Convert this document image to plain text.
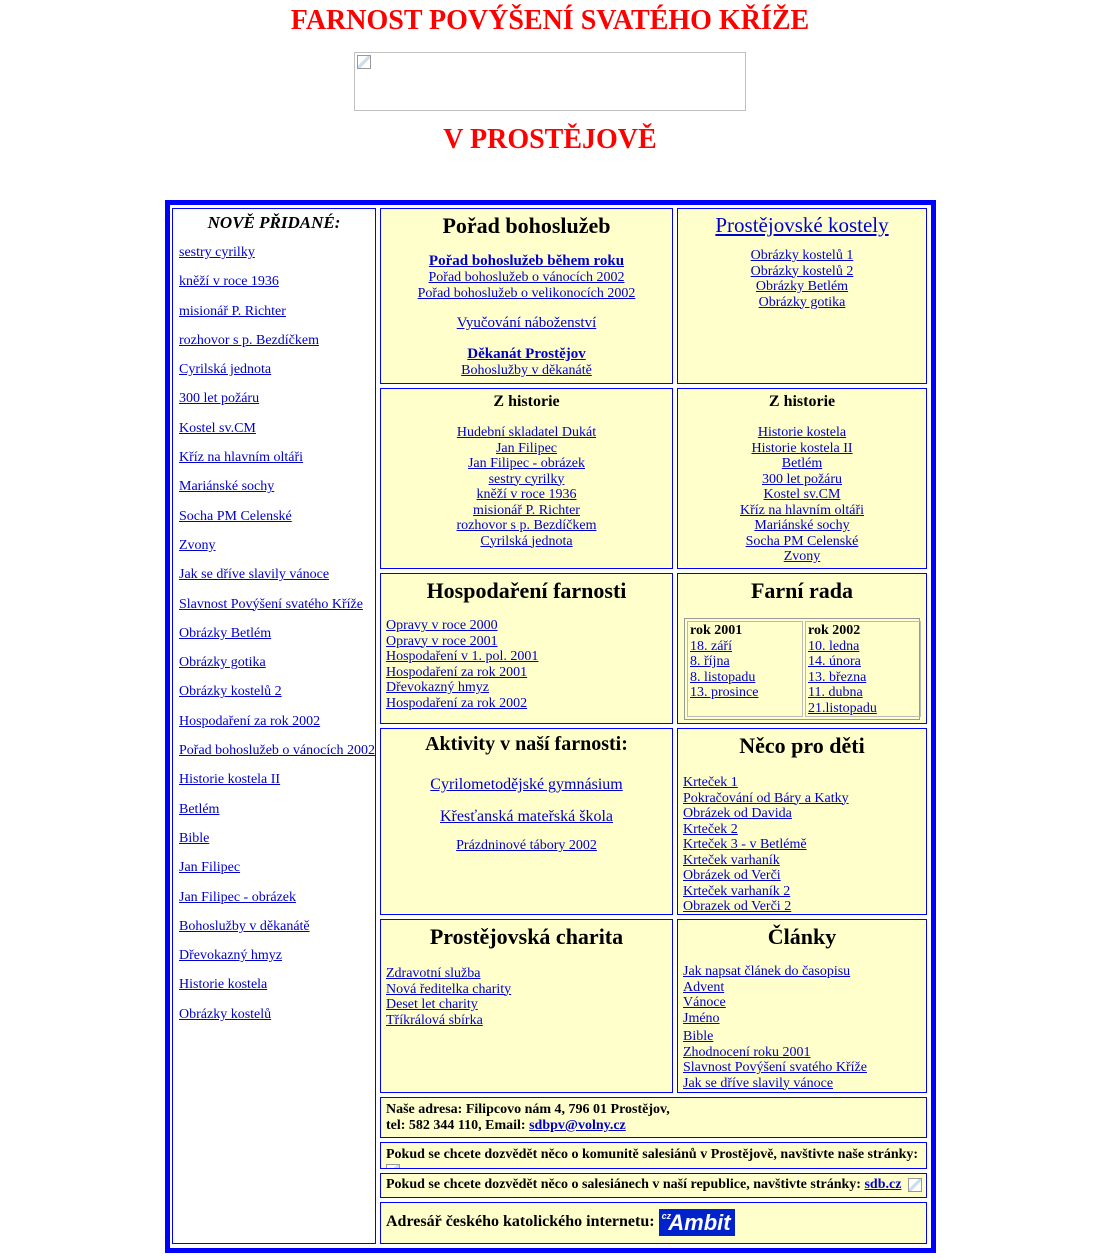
FARNOST POVÝŠENÍ SVATÉHO KŘÍŽE
V PROSTĚJOVĚ
NOVĚ PŘIDANÉ:
sestry cyrilky
kněží v roce 1936
misionář P. Richter
rozhovor s p. Bezdíčkem
Cyrilská jednota
300 let požáru
Kostel sv.CM
Kříz na hlavním oltáři
Mariánské sochy
Socha PM Celenské
Zvony
Jak se dříve slavily vánoce
Slavnost Povýšení svatého Kříže
Obrázky Betlém
Obrázky gotika
Obrázky kostelů 2
Hospodaření za rok 2002
Pořad bohoslužeb o vánocích 2002
Historie kostela II
Betlém
Bible
Jan Filipec
Jan Filipec - obrázek
Bohoslužby v děkanátě
Dřevokazný hmyz
Historie kostela
Obrázky kostelů
Pořad bohoslužeb
Pořad bohoslužeb během roku
Pořad bohoslužeb o vánocích 2002
Pořad bohoslužeb o velikonocích 2002
Vyučování náboženství
Děkanát Prostějov
Bohoslužby v děkanátě
Prostějovské kostely
Obrázky kostelů 1
Obrázky kostelů 2
Obrázky Betlém
Obrázky gotika
Z historie
Hudební skladatel Dukát
Jan Filipec
Jan Filipec - obrázek
sestry cyrilky
kněží v roce 1936
misionář P. Richter
rozhovor s p. Bezdíčkem
Cyrilská jednota
Z historie
Historie kostela
Historie kostela II
Betlém
300 let požáru
Kostel sv.CM
Kříz na hlavním oltáři
Mariánské sochy
Socha PM Celenské
Zvony
Hospodaření farnosti
Opravy v roce 2000
Opravy v roce 2001
Hospodaření v 1. pol. 2001
Hospodaření za rok 2001
Dřevokazný hmyz
Hospodaření za rok 2002
Farní rada
rok 2001
18. září
8. října
8. listopadu
13. prosince
rok 2002
10. ledna
14. února
13. března
11. dubna
21.listopadu
Aktivity v naší farnosti:
Cyrilometodějské gymnásium
Křesťanská mateřská škola
Prázdninové tábory 2002
Něco pro děti
Krteček 1
Pokračování od Báry a Katky
Obrázek od Davida
Krteček 2
Krteček 3 - v Betlémě
Krteček varhaník
Obrázek od Verči
Krteček varhaník 2
Obrazek od Verči 2
Prostějovská charita
Zdravotní služba
Nová ředitelka charity
Deset let charity
Tříkrálová sbírka
Články
Jak napsat článek do časopisu
Advent
Vánoce
Jméno
Bible
Zhodnocení roku 2001
Slavnost Povýšení svatého Kříže
Jak se dříve slavily vánoce
Naše adresa: Filipcovo nám 4, 796 01 Prostějov,
tel: 582 344 110, Email: sdbpv@volny.cz
Pokud se chcete dozvědět něco o komunitě salesiánů v Prostějově, navštivte naše stránky:
Pokud se chcete dozvědět něco o salesiánech v naší republice, navštivte stránky: sdb.cz
Adresář českého katolického internetu: cz
Ambit
